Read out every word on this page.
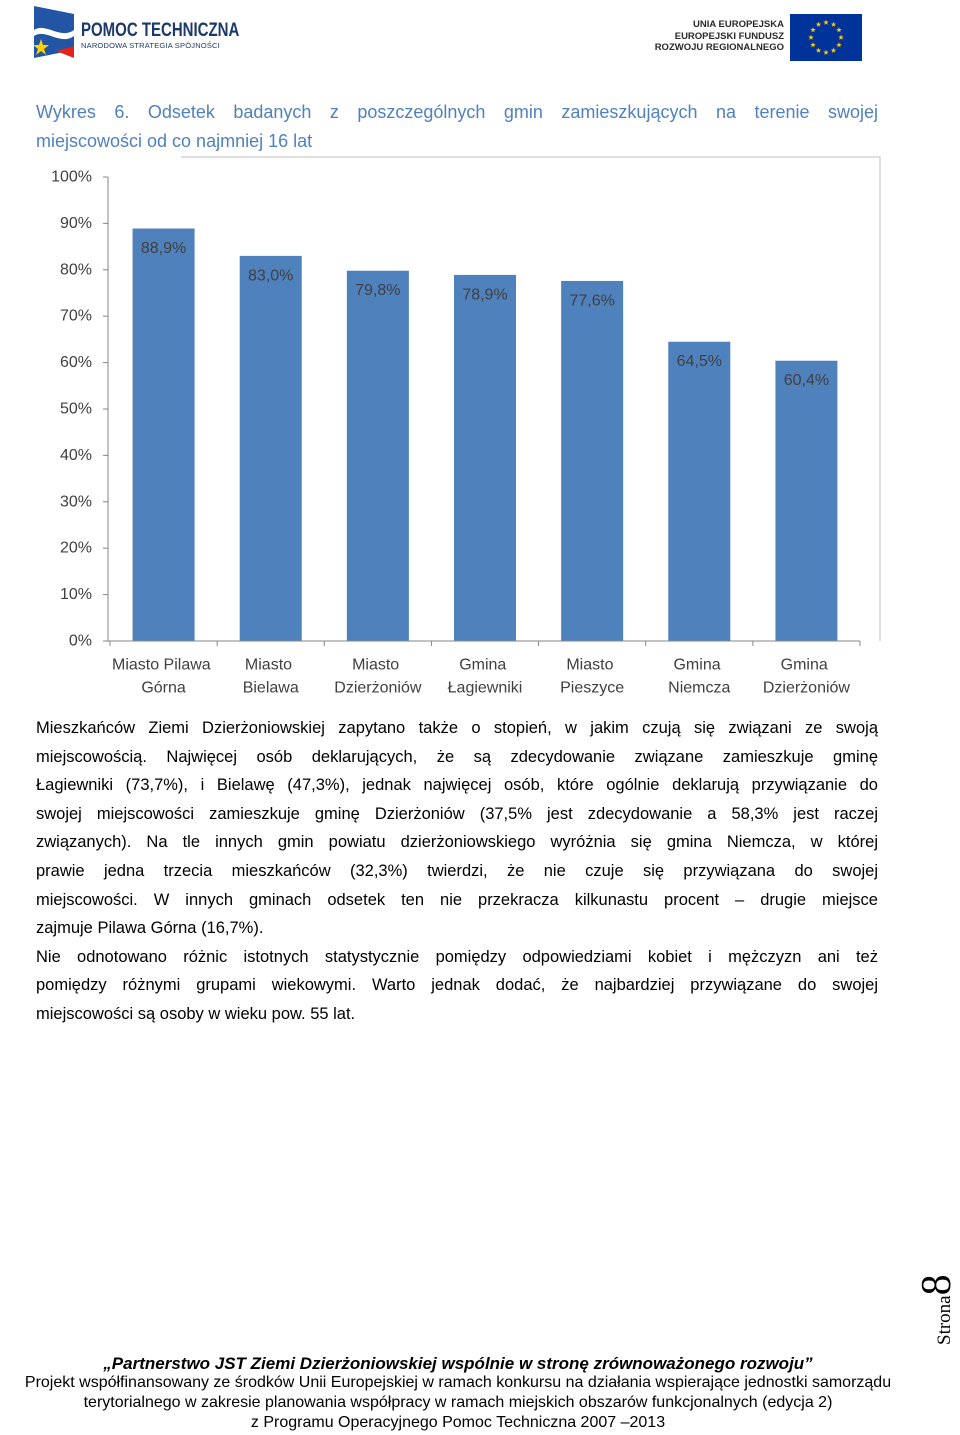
POMOC TECHNICZNA
NARODOWA STRATEGIA SPÓJNOŚCI
UNIA EUROPEJSKA
EUROPEJSKI FUNDUSZ
ROZWOJU REGIONALNEGO
Wykres 6. Odsetek badanych z poszczególnych gmin zamieszkujących na terenie swojej
miejscowości od co najmniej 16 lat
88,9%
Miasto Pilawa Górna
83,0%
Miasto Bielawa
79,8%
Miasto Dzierżoniów
78,9%
Gmina Łagiewniki
77,6%
Miasto Pieszyce
64,5%
Gmina Niemcza
60,4%
Gmina Dzierżoniów
0%
10%
20%
30%
40%
50%
60%
70%
80%
90%
100%
Mieszkańców Ziemi Dzierżoniowskiej zapytano także o stopień, w jakim czują się związani ze swoją
miejscowością. Najwięcej osób deklarujących, że są zdecydowanie związane zamieszkuje gminę
Łagiewniki (73,7%), i Bielawę (47,3%), jednak najwięcej osób, które ogólnie deklarują przywiązanie do
swojej miejscowości zamieszkuje gminę Dzierżoniów (37,5% jest zdecydowanie a 58,3% jest raczej
związanych). Na tle innych gmin powiatu dzierżoniowskiego wyróżnia się gmina Niemcza, w której
prawie jedna trzecia mieszkańców (32,3%) twierdzi, że nie czuje się przywiązana do swojej
miejscowości. W innych gminach odsetek ten nie przekracza kilkunastu procent – drugie miejsce
zajmuje Pilawa Górna (16,7%).
Nie odnotowano różnic istotnych statystycznie pomiędzy odpowiedziami kobiet i mężczyzn ani też
pomiędzy różnymi grupami wiekowymi. Warto jednak dodać, że najbardziej przywiązane do swojej
miejscowości są osoby w wieku pow. 55 lat.
Strona8
„Partnerstwo JST Ziemi Dzierżoniowskiej wspólnie w stronę zrównoważonego rozwoju”
Projekt współfinansowany ze środków Unii Europejskiej w ramach konkursu na działania wspierające jednostki samorządu
terytorialnego w zakresie planowania współpracy w ramach miejskich obszarów funkcjonalnych (edycja 2)
z Programu Operacyjnego Pomoc Techniczna 2007 –2013
